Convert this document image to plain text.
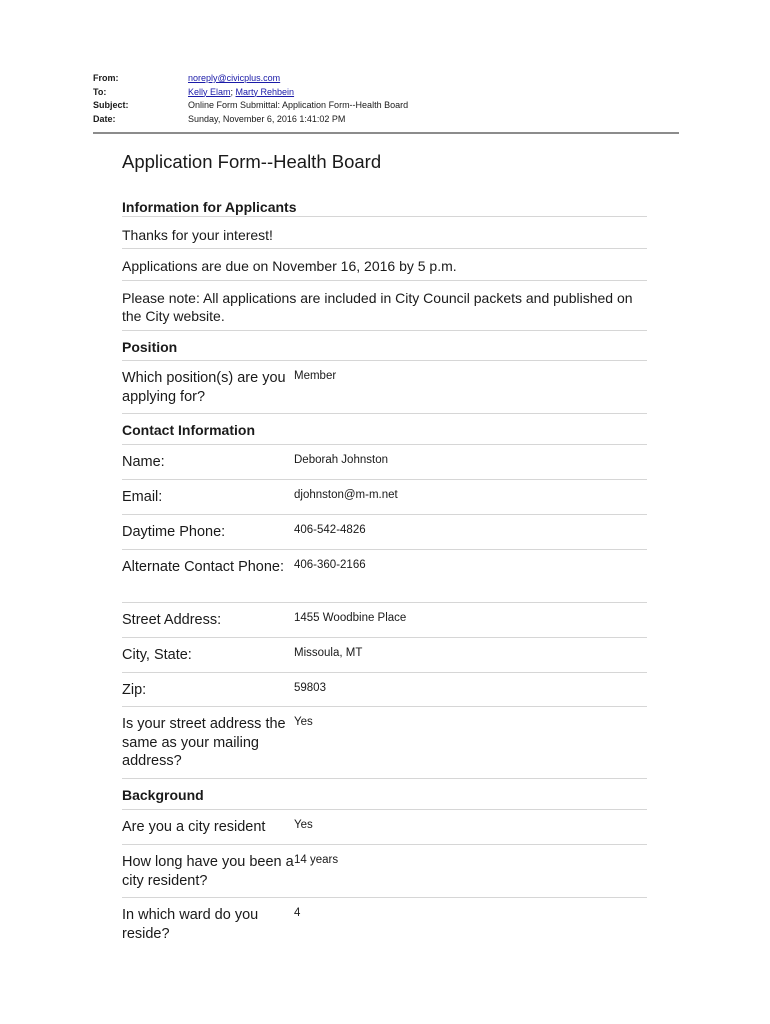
From:	noreply@civicplus.com
To:	Kelly Elam; Marty Rehbein
Subject:	Online Form Submittal: Application Form--Health Board
Date:	Sunday, November 6, 2016 1:41:02 PM
Application Form--Health Board
Information for Applicants
Thanks for your interest!
Applications are due on November 16, 2016 by 5 p.m.
Please note: All applications are included in City Council packets and published on the City website.
Position
Which position(s) are you applying for?
Member
Contact Information
Name:	Deborah Johnston
Email:	djohnston@m-m.net
Daytime Phone:	406-542-4826
Alternate Contact Phone: 406-360-2166
Street Address:	1455 Woodbine Place
City, State:	Missoula, MT
Zip:	59803
Is your street address the same as your mailing address?
Yes
Background
Are you a city resident	Yes
How long have you been a city resident?
14 years
In which ward do you reside?
4
